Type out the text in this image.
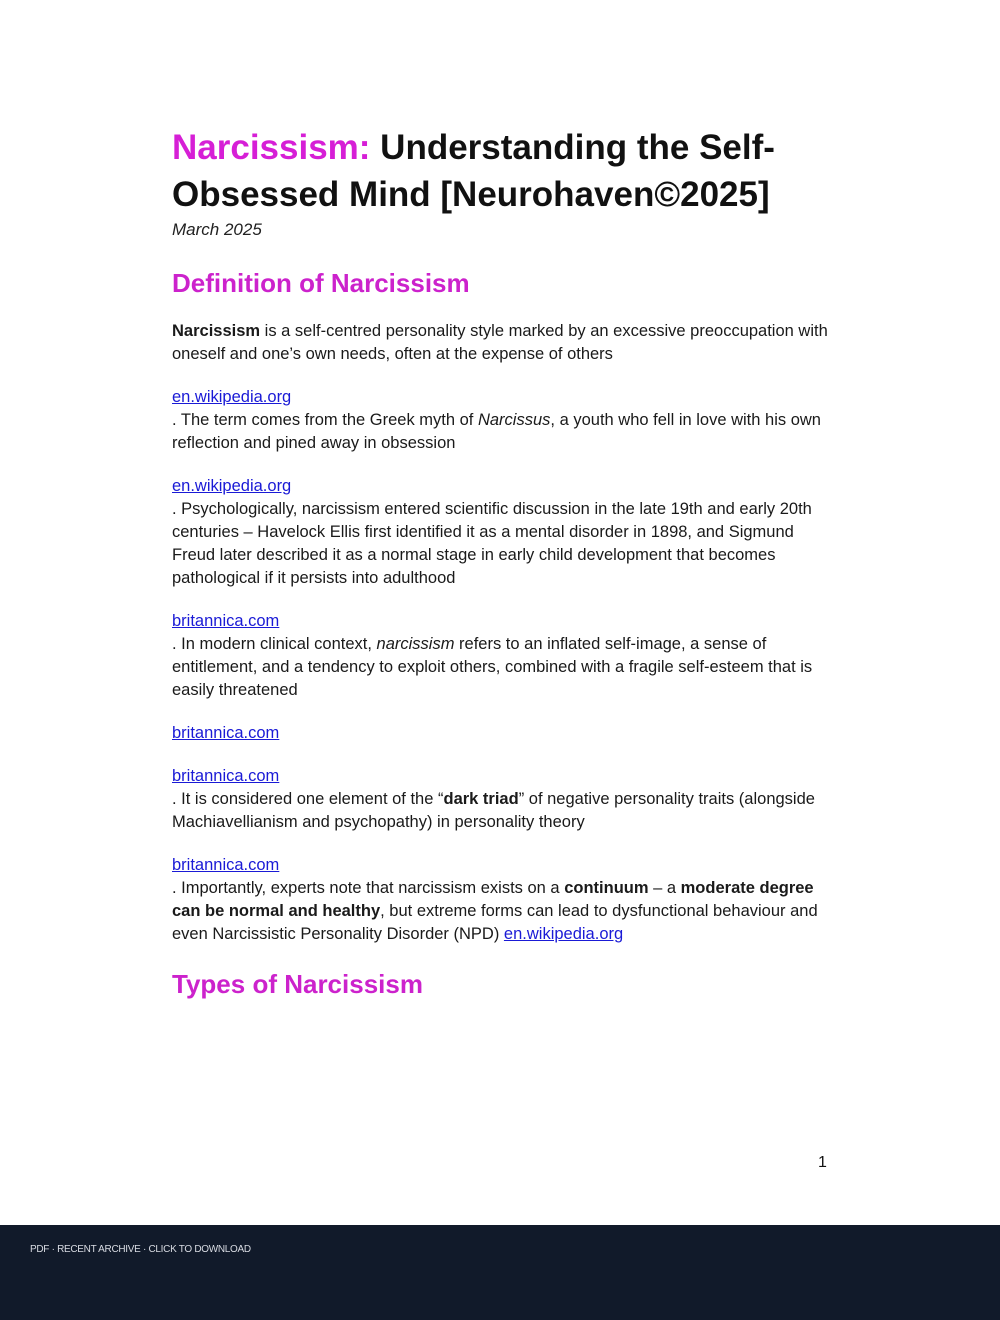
Narcissism: Understanding the Self-Obsessed Mind [Neurohaven©2025]
March 2025
Definition of Narcissism

Narcissism is a self-centred personality style marked by an excessive preoccupation with oneself and one’s own needs, often at the expense of others

en.wikipedia.org

. The term comes from the Greek myth of Narcissus, a youth who fell in love with his own reflection and pined away in obsession

en.wikipedia.org

. Psychologically, narcissism entered scientific discussion in the late 19th and early 20th centuries – Havelock Ellis first identified it as a mental disorder in 1898, and Sigmund Freud later described it as a normal stage in early child development that becomes pathological if it persists into adulthood

britannica.com

. In modern clinical context, narcissism refers to an inflated self-image, a sense of entitlement, and a tendency to exploit others, combined with a fragile self-esteem that is easily threatened

britannica.com
britannica.com

. It is considered one element of the “dark triad” of negative personality traits (alongside Machiavellianism and psychopathy) in personality theory

britannica.com

. Importantly, experts note that narcissism exists on a continuum – a moderate degree can be normal and healthy, but extreme forms can lead to dysfunctional behaviour and even Narcissistic Personality Disorder (NPD) en.wikipedia.org

Types of Narcissism
1
PDF · RECENT ARCHIVE · CLICK TO DOWNLOAD
